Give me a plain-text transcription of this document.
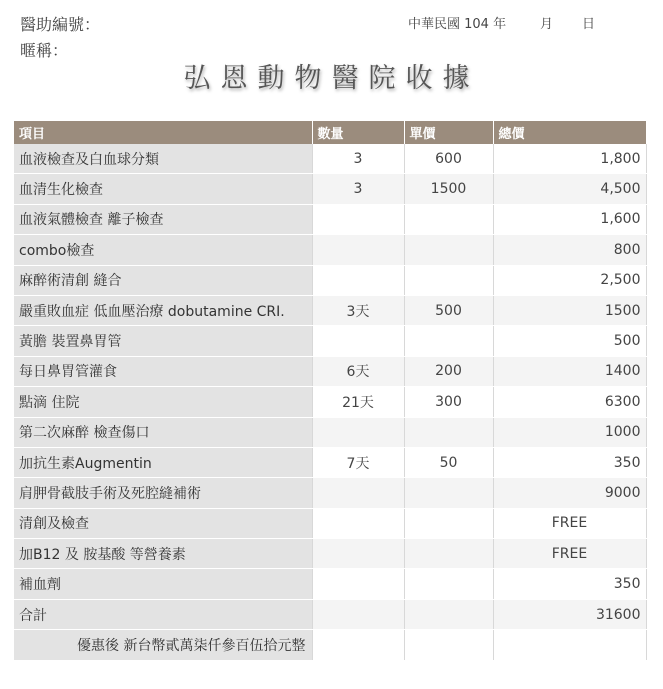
醫助編號：
暱稱：
中華民國 104 年	月 日
弘恩動物醫院收據
項目	數量	單價	總價
血液檢查及白血球分類	3	600	1,800
血清生化檢查	3	1500	4,500
血液氣體檢查 離子檢查			1,600
combo檢查			800
麻醉術清創 縫合			2,500
嚴重敗血症 低血壓治療 dobutamine CRI.	3天	500	1500
黃膽 裝置鼻胃管			500
每日鼻胃管灌食	6天	200	1400
點滴 住院	21天	300	6300
第二次麻醉 檢查傷口			1000
加抗生素Augmentin	7天	50	350
肩胛骨截肢手術及死腔縫補術			9000
清創及檢查			FREE
加B12 及 胺基酸 等營養素			FREE
補血劑			350
合計			31600
優惠後 新台幣貳萬柒仟參百伍拾元整			
